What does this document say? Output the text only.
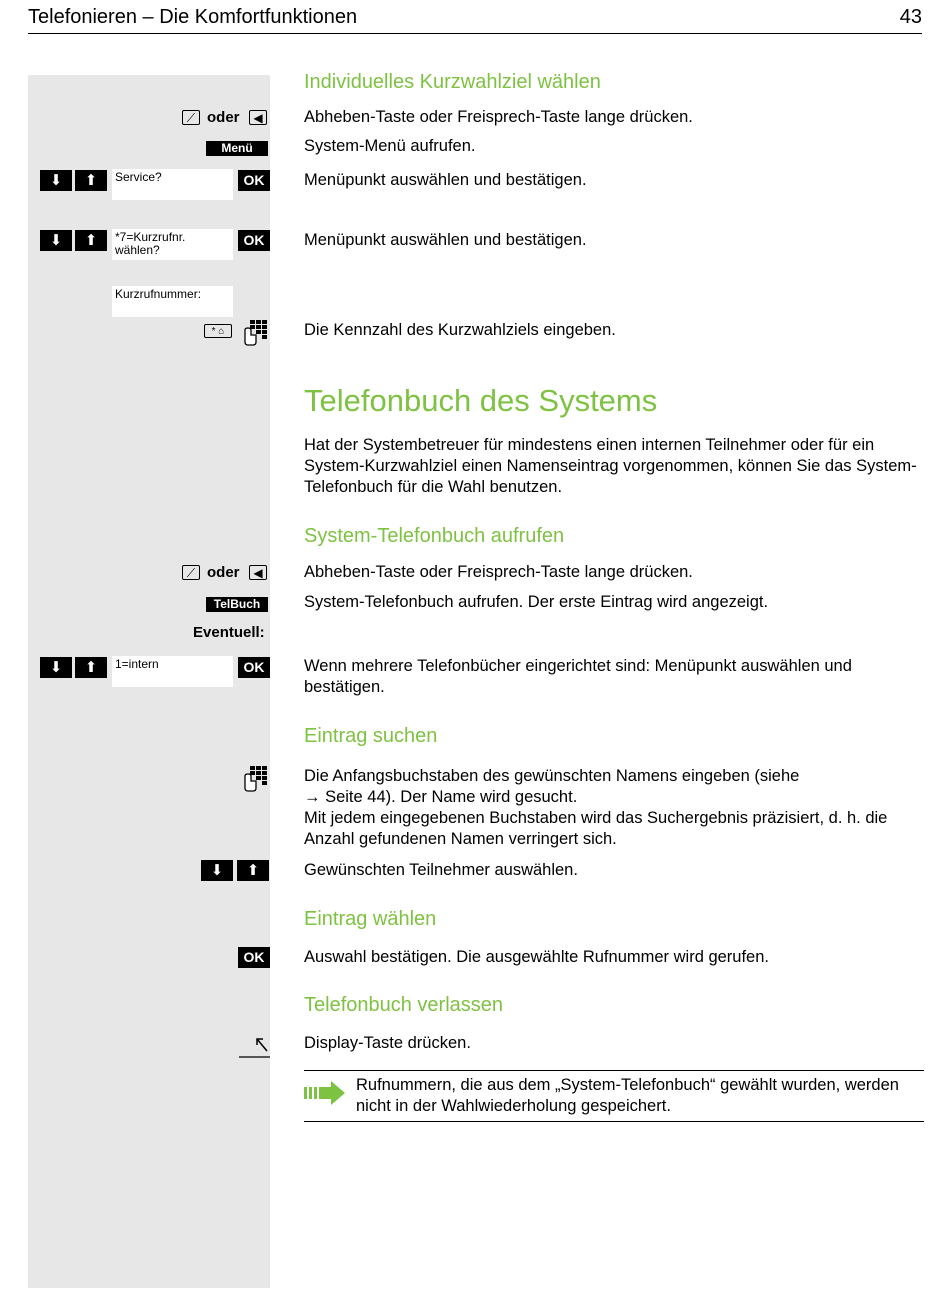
Telefonieren – Die Komfortfunktionen	43
Individuelles Kurzwahlziel wählen
⟋ oder	◀	Abheben-Taste oder Freisprech-Taste lange drücken.
Menü	System-Menü aufrufen.
⬇	⬆	Service?	OK	Menüpunkt auswählen und bestätigen.
⬇	⬆	*7=Kurzrufnr.
wählen?
OK	Menüpunkt auswählen und bestätigen.
Kurzrufnummer:
* ⌂	Die Kennzahl des Kurzwahlziels eingeben.
Telefonbuch des Systems
Hat der Systembetreuer für mindestens einen internen Teilnehmer oder für ein System-Kurzwahlziel einen Namenseintrag vorgenommen, können Sie das System-Telefonbuch für die Wahl benutzen.
System-Telefonbuch aufrufen
⟋ oder	◀	Abheben-Taste oder Freisprech-Taste lange drücken.
TelBuch	System-Telefonbuch aufrufen. Der erste Eintrag wird angezeigt.
Eventuell:
⬇	⬆	1=intern	OK	Wenn mehrere Telefonbücher eingerichtet sind: Menüpunkt auswählen und bestätigen.
Eintrag suchen
Die Anfangsbuchstaben des gewünschten Namens eingeben (siehe
→ Seite 44). Der Name wird gesucht.
Mit jedem eingegebenen Buchstaben wird das Suchergebnis präzisiert, d. h. die Anzahl gefundenen Namen verringert sich.
⬇	⬆	Gewünschten Teilnehmer auswählen.
Eintrag wählen
OK	Auswahl bestätigen. Die ausgewählte Rufnummer wird gerufen.
Telefonbuch verlassen
Display-Taste drücken.
Rufnummern, die aus dem „System-Telefonbuch“ gewählt wurden, werden nicht in der Wahlwiederholung gespeichert.
